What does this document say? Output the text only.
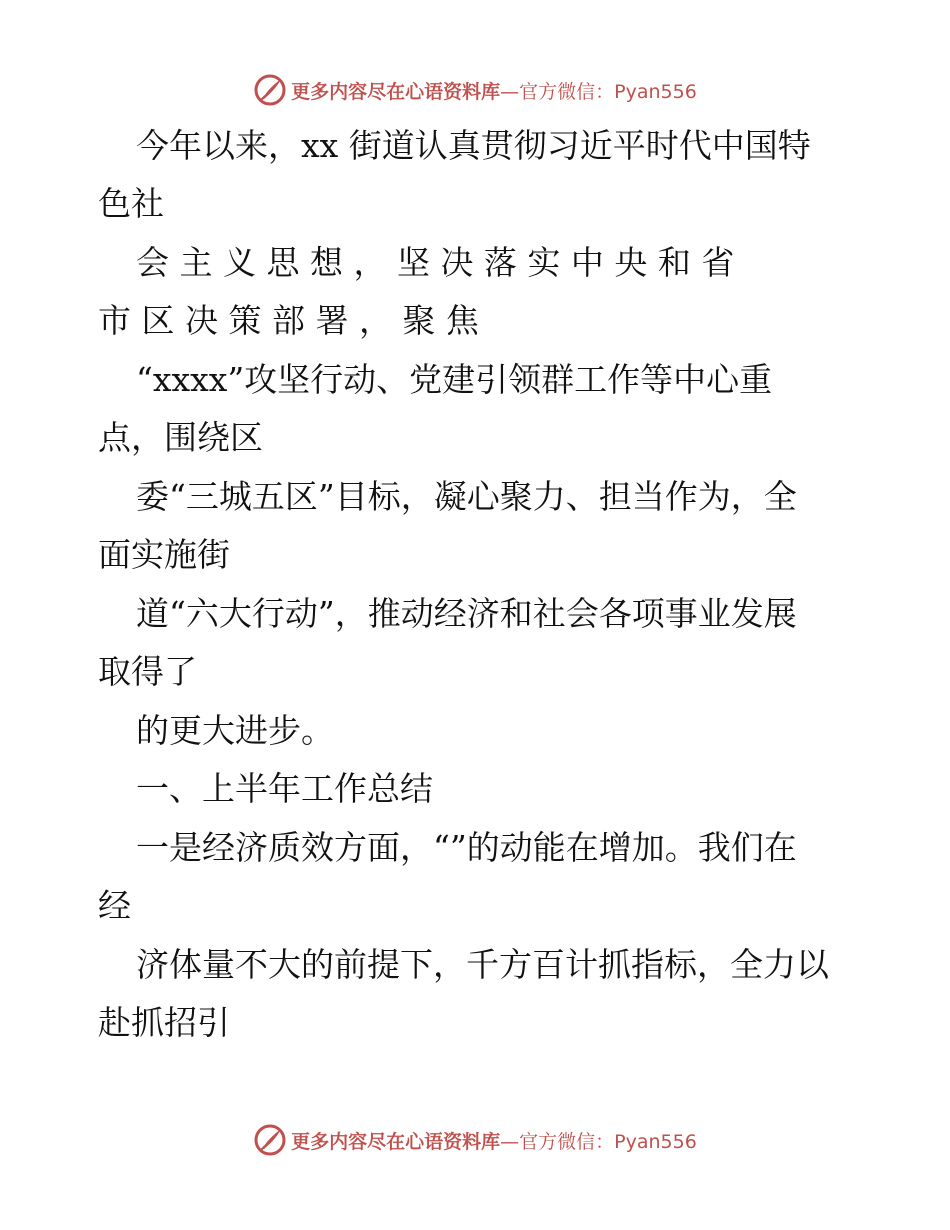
更多内容尽在心语资料库—官方微信：Pyan556
今年以来，xx 街道认真贯彻习近平时代中国特
色社
会 主 义 思 想 ， 坚 决 落 实 中 央 和 省
市 区 决 策 部 署 ， 聚 焦
“xxxx”攻坚行动、党建引领群工作等中心重
点，围绕区
委“三城五区”目标，凝心聚力、担当作为，全
面实施街
道“六大行动”，推动经济和社会各项事业发展
取得了
的更大进步。
一、上半年工作总结
一是经济质效方面，“”的动能在增加。我们在
经
济体量不大的前提下，千方百计抓指标，全力以
赴抓招引
更多内容尽在心语资料库—官方微信：Pyan556
